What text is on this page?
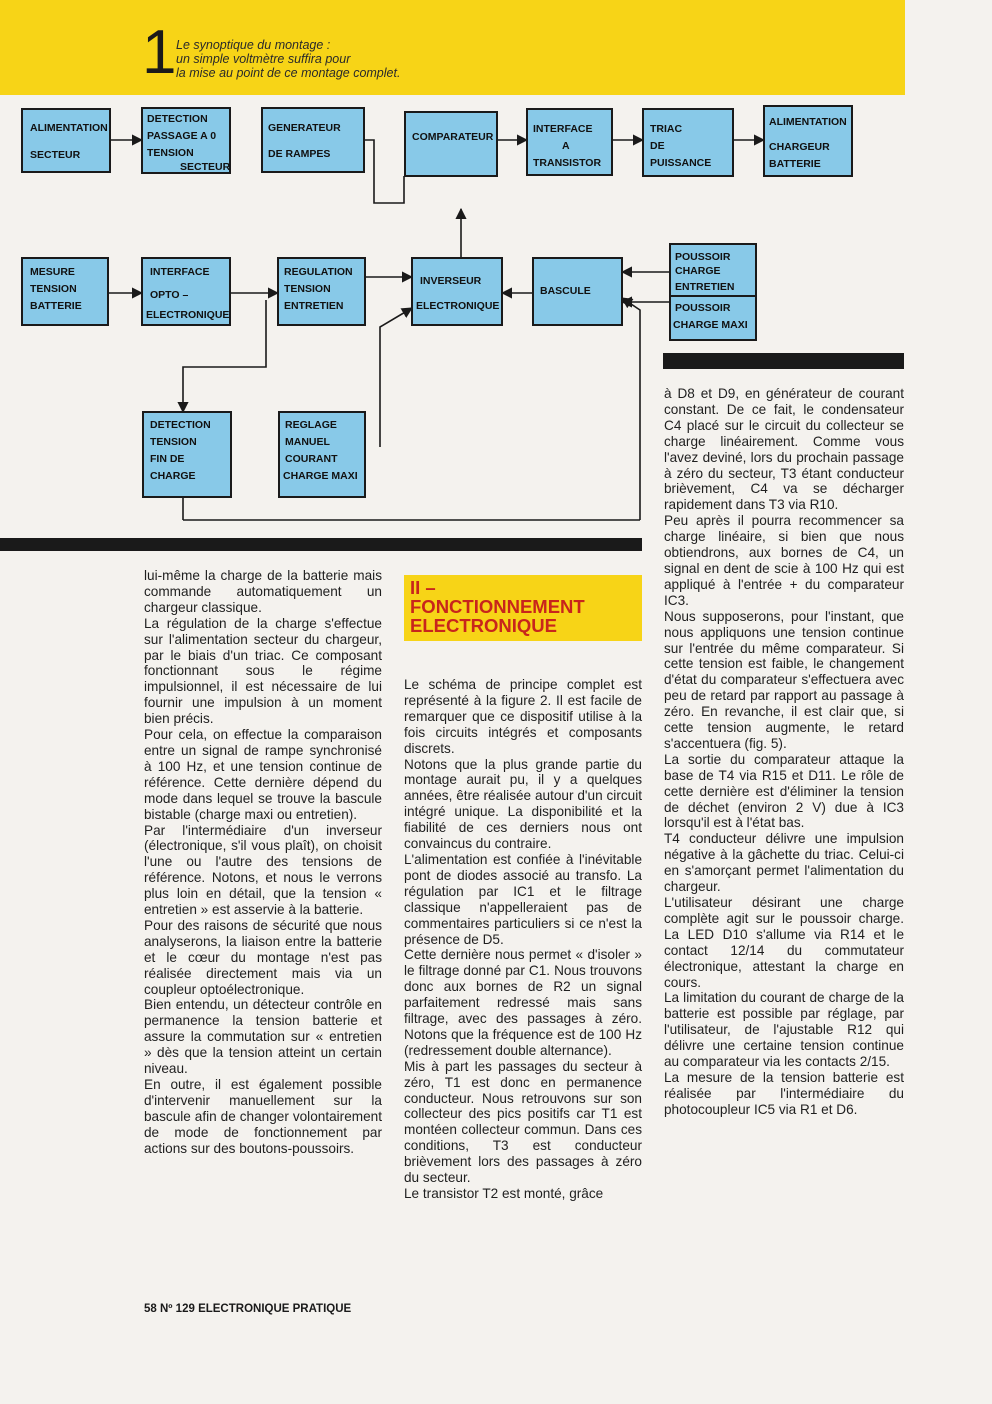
1 Le synoptique du montage :
un simple voltmètre suffira pour
la mise au point de ce montage complet.
ALIMENTATION
SECTEUR
DETECTION
PASSAGE A 0
TENSION
SECTEUR
GENERATEUR
DE RAMPES
COMPARATEUR
INTERFACE
A
TRANSISTOR
TRIAC
DE
PUISSANCE
ALIMENTATION
CHARGEUR
BATTERIE
MESURE
TENSION
BATTERIE
INTERFACE
OPTO –
ELECTRONIQUE
REGULATION
TENSION
ENTRETIEN
INVERSEUR
ELECTRONIQUE
BASCULE
POUSSOIR
CHARGE
ENTRETIEN
POUSSOIR
CHARGE MAXI
DETECTION
TENSION
FIN DE
CHARGE
REGLAGE
MANUEL
COURANT
CHARGE MAXI

lui-même la charge de la batterie mais commande automatiquement un chargeur classique.

La régulation de la charge s'effectue sur l'alimentation secteur du chargeur, par le biais d'un triac. Ce composant fonctionnant sous le régime impulsionnel, il est nécessaire de lui fournir une impulsion à un moment bien précis.

Pour cela, on effectue la comparaison entre un signal de rampe synchronisé à 100 Hz, et une tension continue de référence. Cette dernière dépend du mode dans lequel se trouve la bascule bistable (charge maxi ou entretien).

Par l'intermédiaire d'un inverseur (électronique, s'il vous plaît), on choisit l'une ou l'autre des tensions de référence. Notons, et nous le verrons plus loin en détail, que la tension « entretien » est asservie à la batterie.

Pour des raisons de sécurité que nous analyserons, la liaison entre la batterie et le cœur du montage n'est pas réalisée directement mais via un coupleur optoélectronique.

Bien entendu, un détecteur contrôle en permanence la tension batterie et assure la commutation sur « entretien » dès que la tension atteint un certain niveau.

En outre, il est également possible d'intervenir manuellement sur la bascule afin de changer volontairement de mode de fonctionnement par actions sur des boutons-poussoirs.

II –
FONCTIONNEMENT
ELECTRONIQUE

Le schéma de principe complet est représenté à la figure 2. Il est facile de remarquer que ce dispositif utilise à la fois circuits intégrés et composants discrets.

Notons que la plus grande partie du montage aurait pu, il y a quelques années, être réalisée autour d'un circuit intégré unique. La disponibilité et la fiabilité de ces derniers nous ont convaincus du contraire.

L'alimentation est confiée à l'inévitable pont de diodes associé au transfo. La régulation par IC1 et le filtrage classique n'appelleraient pas de commentaires particuliers si ce n'est la présence de D5.

Cette dernière nous permet « d'isoler » le filtrage donné par C1. Nous trouvons donc aux bornes de R2 un signal parfaitement redressé mais sans filtrage, avec des passages à zéro. Notons que la fréquence est de 100 Hz (redressement double alternance).

Mis à part les passages du secteur à zéro, T1 est donc en permanence conducteur. Nous retrouvons sur son collecteur des pics positifs car T1 est montéen collecteur commun. Dans ces conditions, T3 est conducteur brièvement lors des passages à zéro du secteur.

Le transistor T2 est monté, grâce

à D8 et D9, en générateur de courant constant. De ce fait, le condensateur C4 placé sur le circuit du collecteur se charge linéairement. Comme vous l'avez deviné, lors du prochain passage à zéro du secteur, T3 étant conducteur brièvement, C4 va se décharger rapidement dans T3 via R10.

Peu après il pourra recommencer sa charge linéaire, si bien que nous obtiendrons, aux bornes de C4, un signal en dent de scie à 100 Hz qui est appliqué à l'entrée + du comparateur IC3.

Nous supposerons, pour l'instant, que nous appliquons une tension continue sur l'entrée du même comparateur. Si cette tension est faible, le changement d'état du comparateur s'effectuera avec peu de retard par rapport au passage à zéro. En revanche, il est clair que, si cette tension augmente, le retard s'accentuera (fig. 5).

La sortie du comparateur attaque la base de T4 via R15 et D11. Le rôle de cette dernière est d'éliminer la tension de déchet (environ 2 V) due à IC3 lorsqu'il est à l'état bas.

T4 conducteur délivre une impulsion négative à la gâchette du triac. Celui-ci en s'amorçant permet l'alimentation du chargeur.

L'utilisateur désirant une charge complète agit sur le poussoir charge. La LED D10 s'allume via R14 et le contact 12/14 du commutateur électronique, attestant la charge en cours.

La limitation du courant de charge de la batterie est possible par réglage, par l'utilisateur, de l'ajustable R12 qui délivre une certaine tension continue au comparateur via les contacts 2/15.

La mesure de la tension batterie est réalisée par l'intermédiaire du photocoupleur IC5 via R1 et D6.

58 Nº 129 ELECTRONIQUE PRATIQUE
